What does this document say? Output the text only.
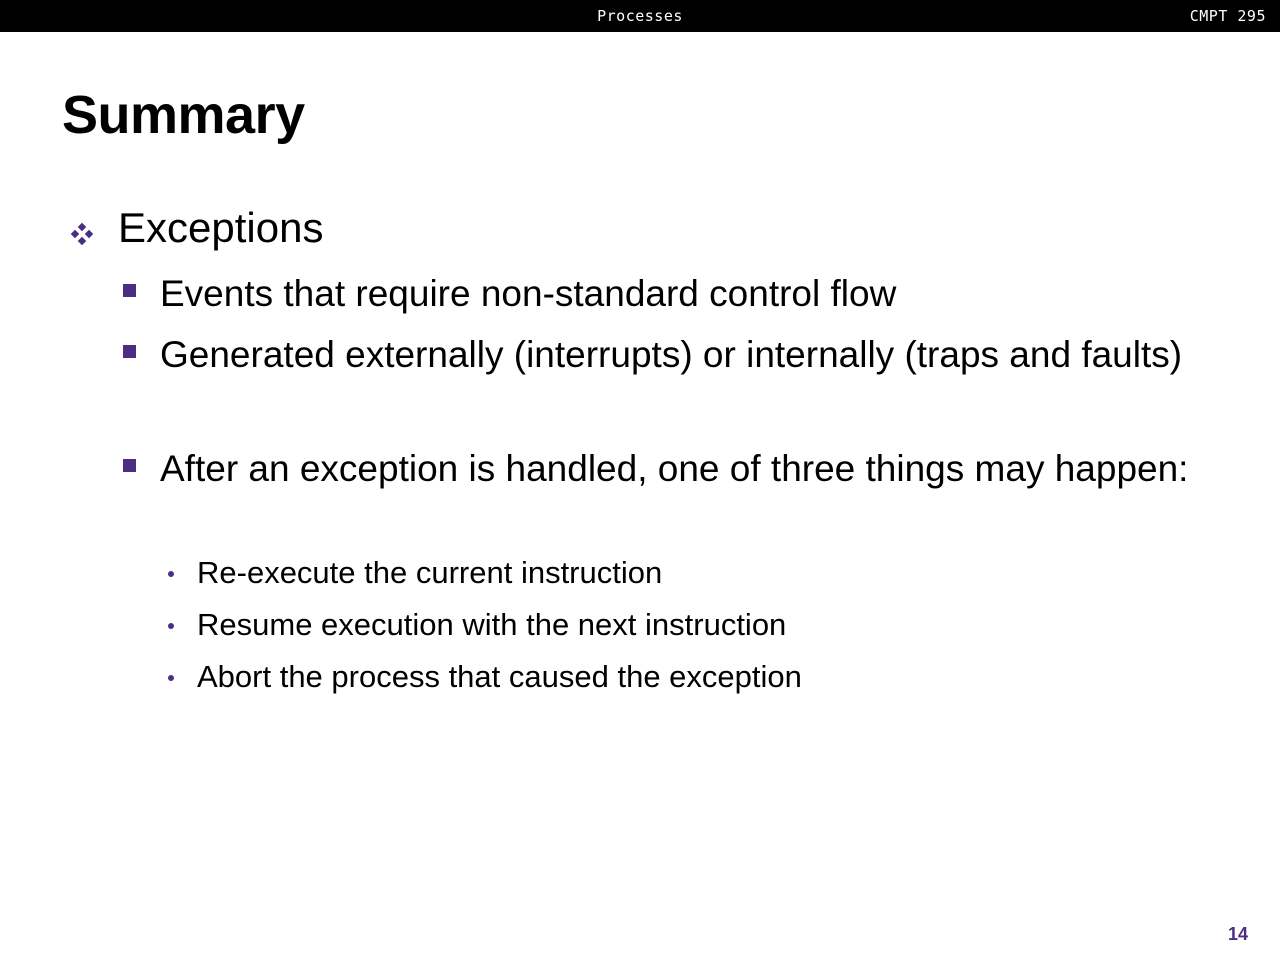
Processes	CMPT 295
Summary
Exceptions
Events that require non-standard control flow
Generated externally (interrupts) or internally (traps and faults)
After an exception is handled, one of three things may happen:
Re-execute the current instruction
Resume execution with the next instruction
Abort the process that caused the exception
14
